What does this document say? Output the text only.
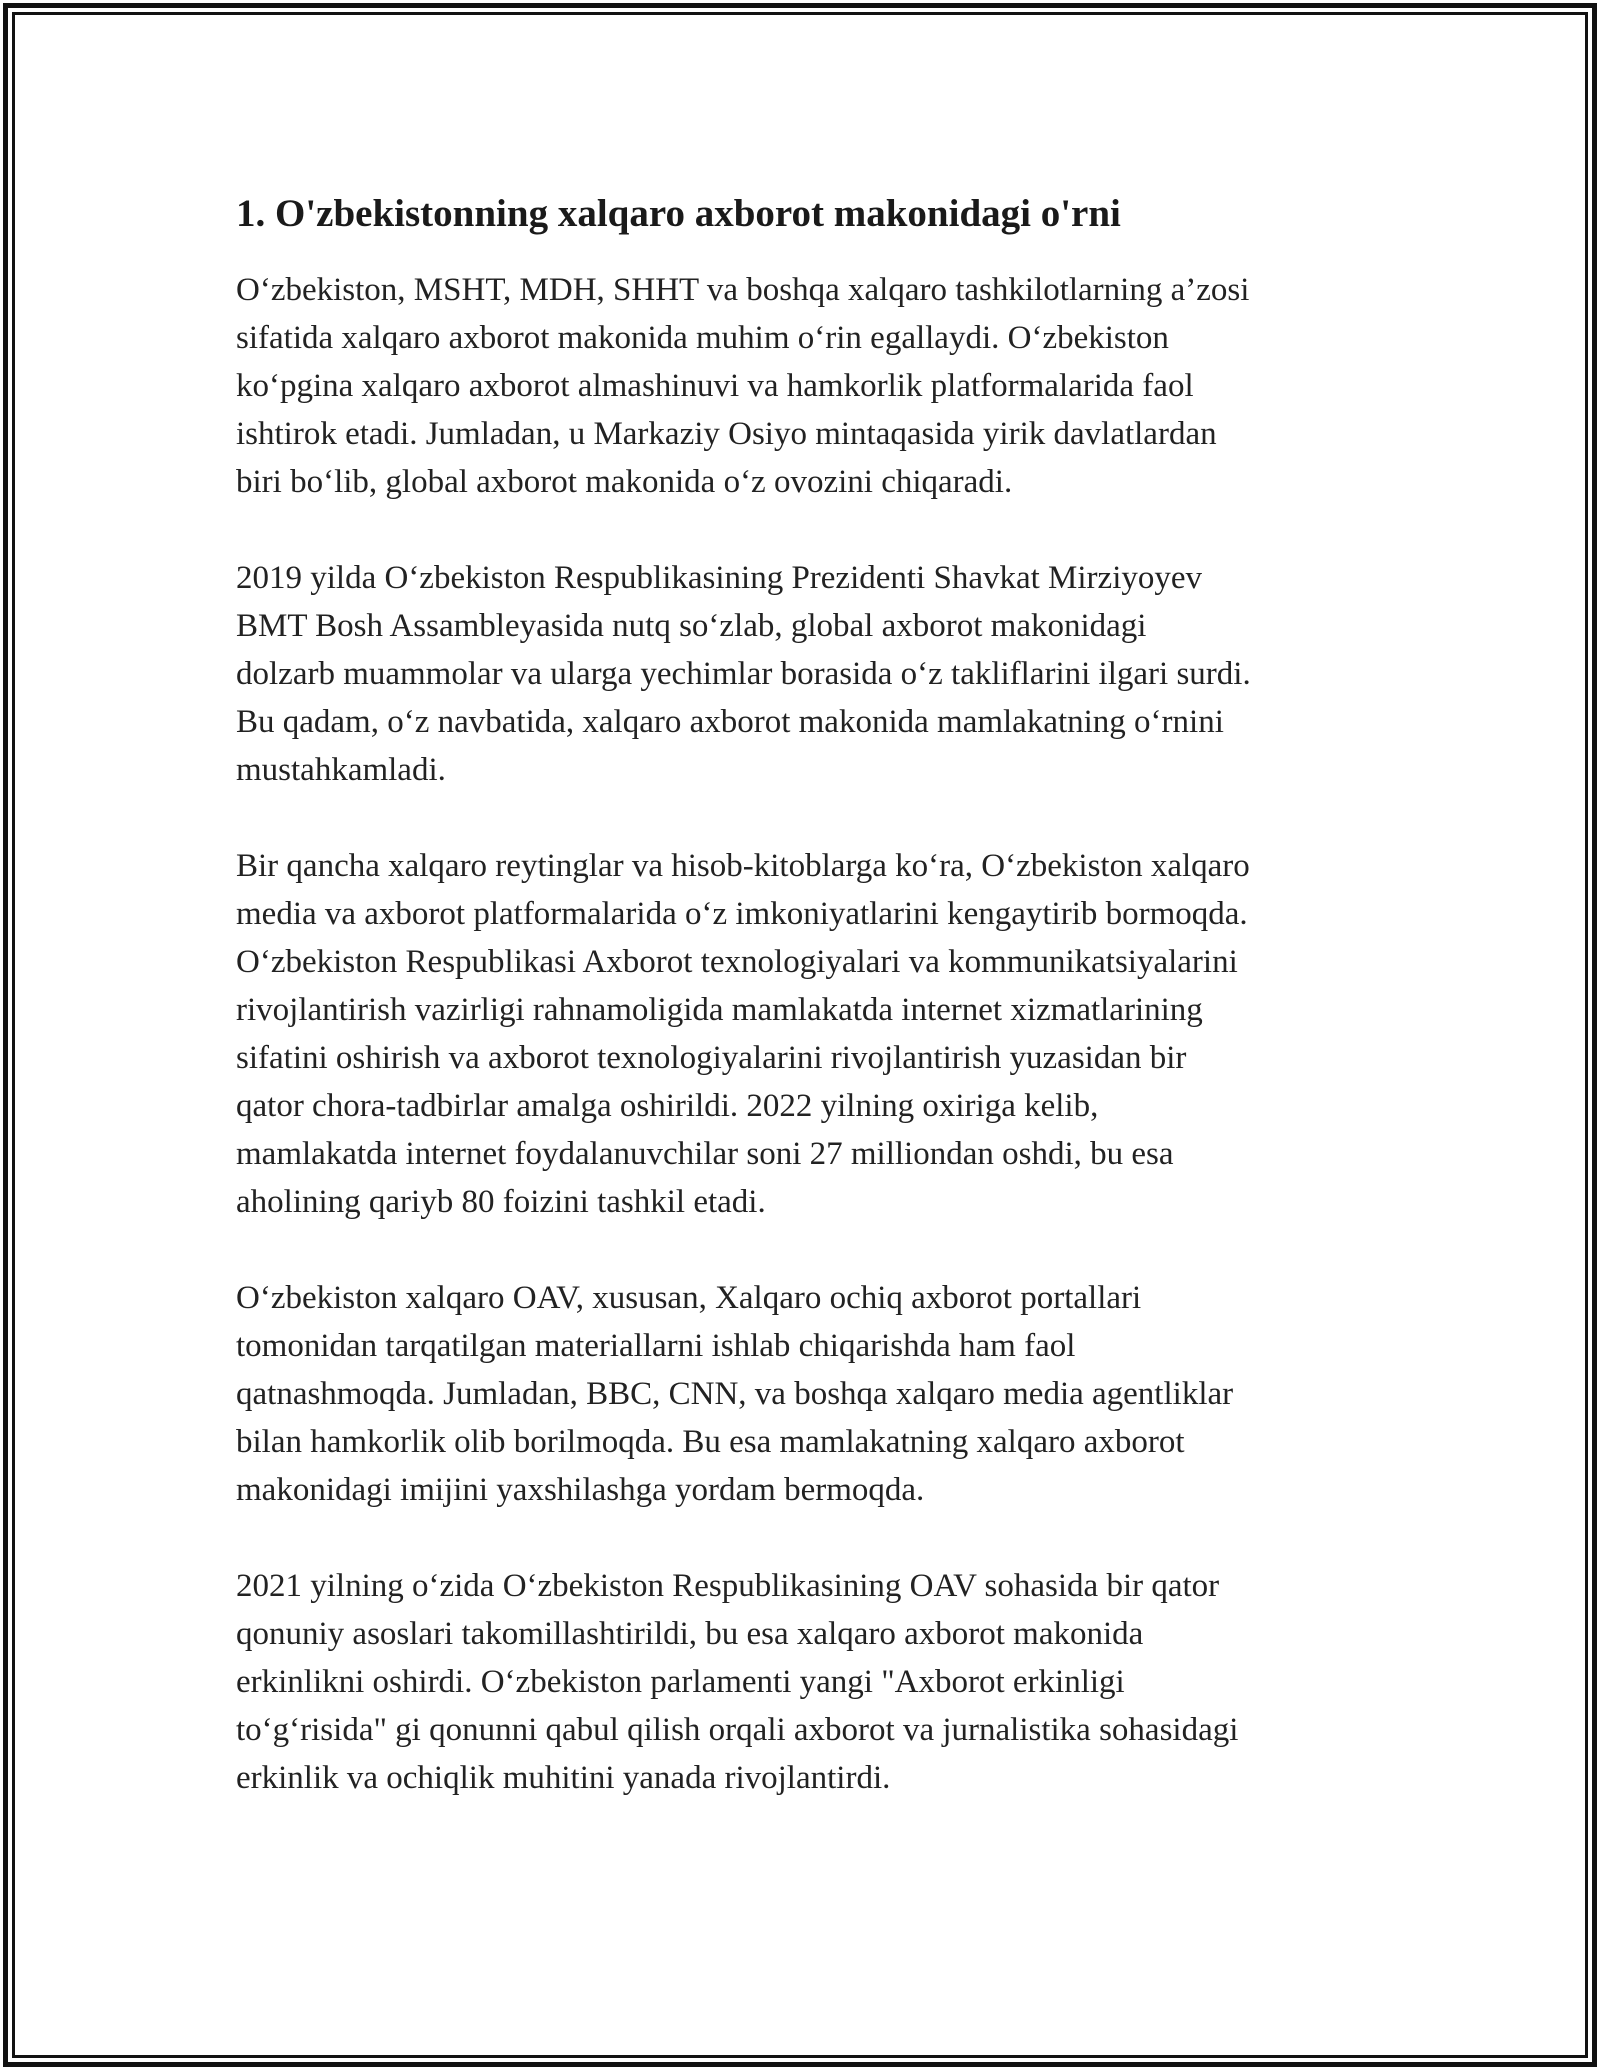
1. O'zbekistonning xalqaro axborot makonidagi o'rni

O‘zbekiston, MSHT, MDH, SHHT va boshqa xalqaro tashkilotlarning a’zosi
sifatida xalqaro axborot makonida muhim o‘rin egallaydi. O‘zbekiston
ko‘pgina xalqaro axborot almashinuvi va hamkorlik platformalarida faol
ishtirok etadi. Jumladan, u Markaziy Osiyo mintaqasida yirik davlatlardan
biri bo‘lib, global axborot makonida o‘z ovozini chiqaradi.

2019 yilda O‘zbekiston Respublikasining Prezidenti Shavkat Mirziyoyev
BMT Bosh Assambleyasida nutq so‘zlab, global axborot makonidagi
dolzarb muammolar va ularga yechimlar borasida o‘z takliflarini ilgari surdi.
Bu qadam, o‘z navbatida, xalqaro axborot makonida mamlakatning o‘rnini
mustahkamladi.

Bir qancha xalqaro reytinglar va hisob-kitoblarga ko‘ra, O‘zbekiston xalqaro
media va axborot platformalarida o‘z imkoniyatlarini kengaytirib bormoqda.
O‘zbekiston Respublikasi Axborot texnologiyalari va kommunikatsiyalarini
rivojlantirish vazirligi rahnamoligida mamlakatda internet xizmatlarining
sifatini oshirish va axborot texnologiyalarini rivojlantirish yuzasidan bir
qator chora-tadbirlar amalga oshirildi. 2022 yilning oxiriga kelib,
mamlakatda internet foydalanuvchilar soni 27 milliondan oshdi, bu esa
aholining qariyb 80 foizini tashkil etadi.

O‘zbekiston xalqaro OAV, xususan, Xalqaro ochiq axborot portallari
tomonidan tarqatilgan materiallarni ishlab chiqarishda ham faol
qatnashmoqda. Jumladan, BBC, CNN, va boshqa xalqaro media agentliklar
bilan hamkorlik olib borilmoqda. Bu esa mamlakatning xalqaro axborot
makonidagi imijini yaxshilashga yordam bermoqda.

2021 yilning o‘zida O‘zbekiston Respublikasining OAV sohasida bir qator
qonuniy asoslari takomillashtirildi, bu esa xalqaro axborot makonida
erkinlikni oshirdi. O‘zbekiston parlamenti yangi "Axborot erkinligi
to‘g‘risida" gi qonunni qabul qilish orqali axborot va jurnalistika sohasidagi
erkinlik va ochiqlik muhitini yanada rivojlantirdi.
